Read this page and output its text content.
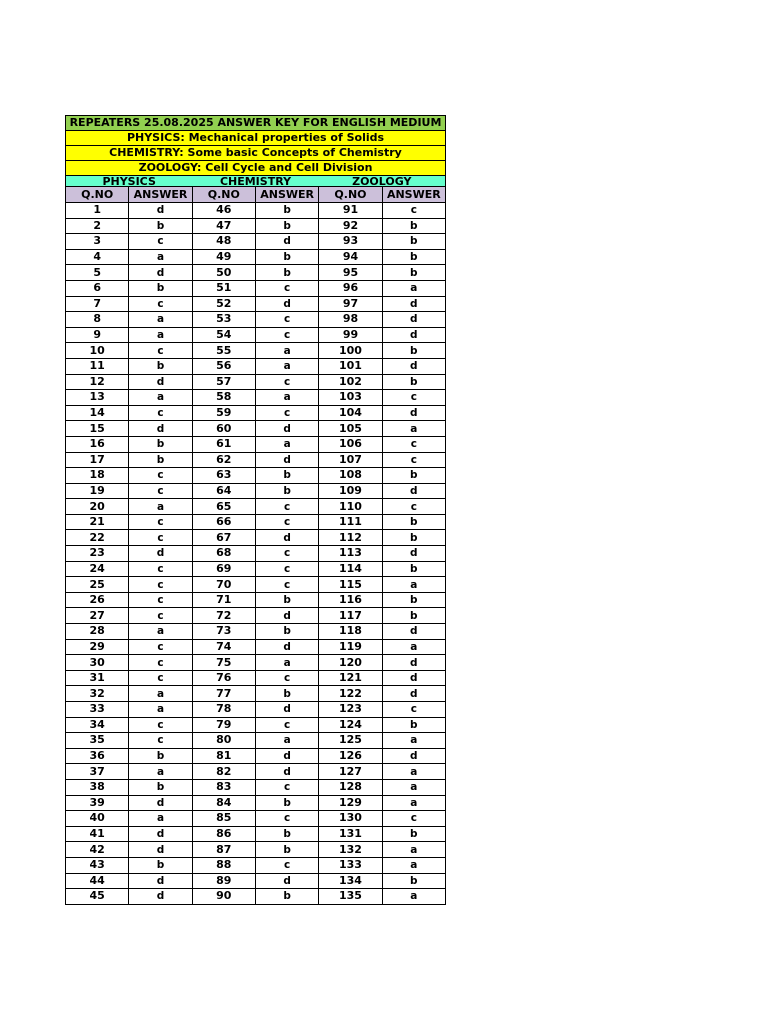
REPEATERS 25.08.2025 ANSWER KEY FOR ENGLISH MEDIUM
PHYSICS: Mechanical properties of Solids
CHEMISTRY: Some basic Concepts of Chemistry
ZOOLOGY: Cell Cycle and Cell Division
PHYSICS	CHEMISTRY	ZOOLOGY
Q.NO	ANSWER	Q.NO	ANSWER	Q.NO	ANSWER
1	d	46	b	91	c
2	b	47	b	92	b
3	c	48	d	93	b
4	a	49	b	94	b
5	d	50	b	95	b
6	b	51	c	96	a
7	c	52	d	97	d
8	a	53	c	98	d
9	a	54	c	99	d
10	c	55	a	100	b
11	b	56	a	101	d
12	d	57	c	102	b
13	a	58	a	103	c
14	c	59	c	104	d
15	d	60	d	105	a
16	b	61	a	106	c
17	b	62	d	107	c
18	c	63	b	108	b
19	c	64	b	109	d
20	a	65	c	110	c
21	c	66	c	111	b
22	c	67	d	112	b
23	d	68	c	113	d
24	c	69	c	114	b
25	c	70	c	115	a
26	c	71	b	116	b
27	c	72	d	117	b
28	a	73	b	118	d
29	c	74	d	119	a
30	c	75	a	120	d
31	c	76	c	121	d
32	a	77	b	122	d
33	a	78	d	123	c
34	c	79	c	124	b
35	c	80	a	125	a
36	b	81	d	126	d
37	a	82	d	127	a
38	b	83	c	128	a
39	d	84	b	129	a
40	a	85	c	130	c
41	d	86	b	131	b
42	d	87	b	132	a
43	b	88	c	133	a
44	d	89	d	134	b
45	d	90	b	135	a
